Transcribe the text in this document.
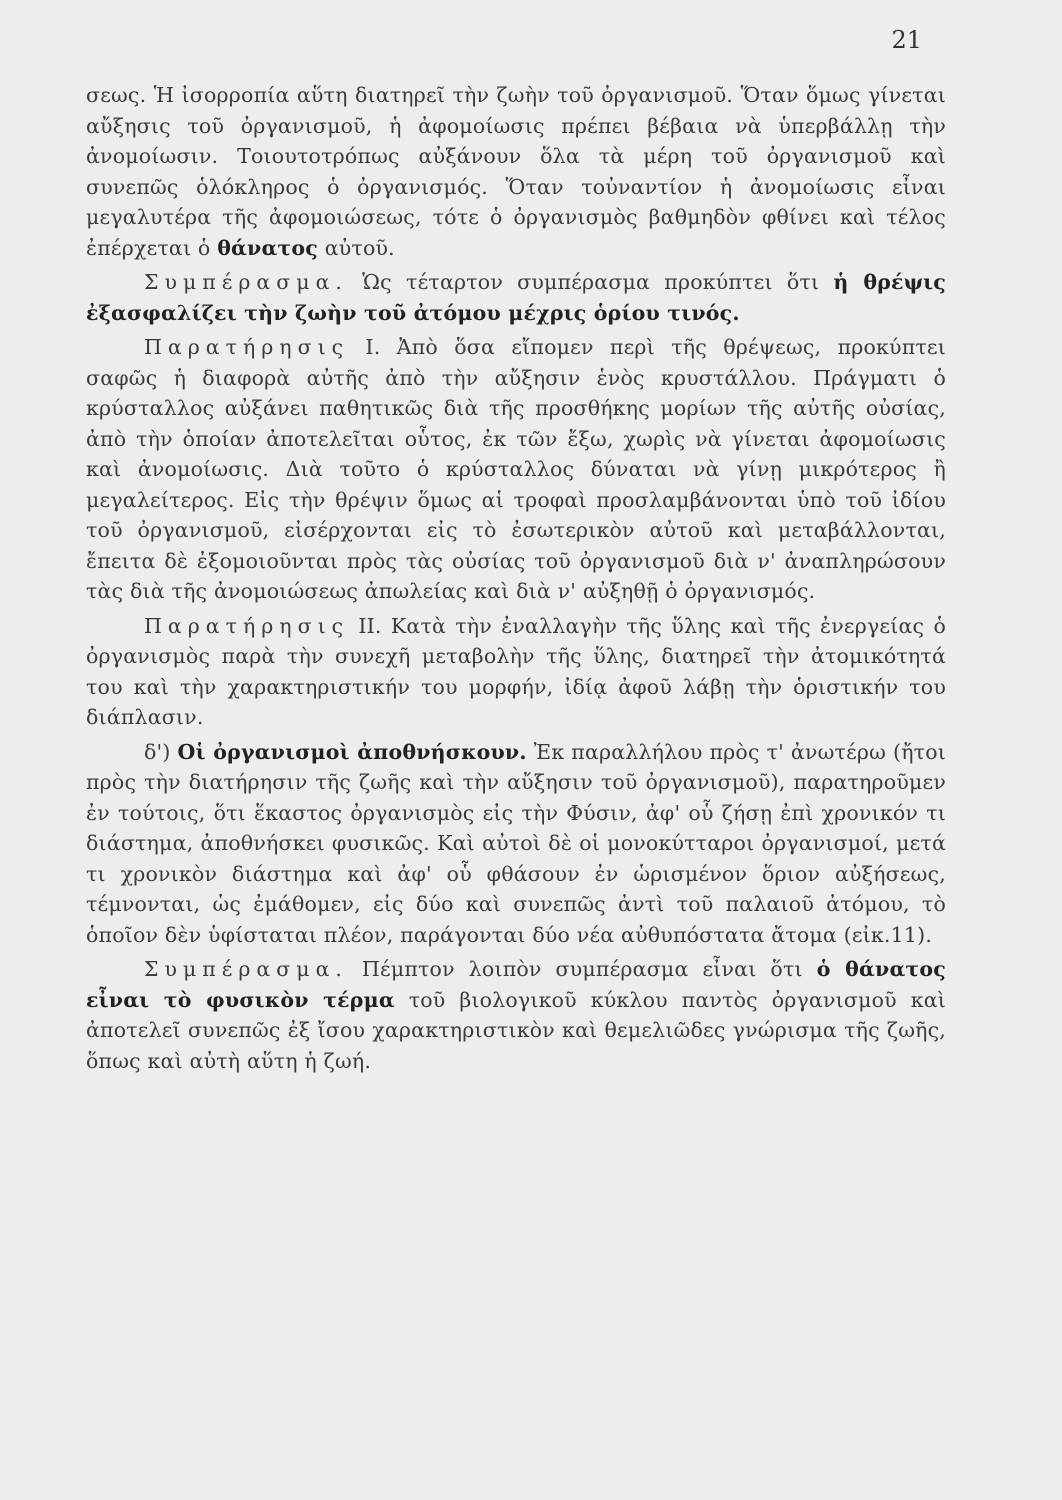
21

σεως. Ἡ ἰσορροπία αὕτη διατηρεῖ τὴν ζωὴν τοῦ ὀργανισμοῦ. Ὅταν ὅμως γίνεται αὔξησις τοῦ ὀργανισμοῦ, ἡ ἀφομοίωσις πρέπει βέβαια νὰ ὑπερβάλλῃ τὴν ἀνομοίωσιν. Τοιουτοτρόπως αὐξάνουν ὅλα τὰ μέρη τοῦ ὀργανισμοῦ καὶ συνεπῶς ὁλόκληρος ὁ ὀργανισμός. Ὅταν τοὐναντίον ἡ ἀνομοίωσις εἶναι μεγαλυτέρα τῆς ἀφομοιώσεως, τότε ὁ ὀργανισμὸς βαθμηδὸν φθίνει καὶ τέλος ἐπέρχεται ὁ θάνατος αὐτοῦ.

Συμπέρασμα. Ὡς τέταρτον συμπέρασμα προκύπτει ὅτι ἡ θρέψις ἐξασφαλίζει τὴν ζωὴν τοῦ ἀτόμου μέχρις ὁρίου τινός.

Παρατήρησις I. Ἀπὸ ὅσα εἴπομεν περὶ τῆς θρέψεως, προκύπτει σαφῶς ἡ διαφορὰ αὐτῆς ἀπὸ τὴν αὔξησιν ἑνὸς κρυστάλλου. Πράγματι ὁ κρύσταλλος αὐξάνει παθητικῶς διὰ τῆς προσθήκης μορίων τῆς αὐτῆς οὐσίας, ἀπὸ τὴν ὁποίαν ἀποτελεῖται οὗτος, ἐκ τῶν ἔξω, χωρὶς νὰ γίνεται ἀφομοίωσις καὶ ἀνομοίωσις. Διὰ τοῦτο ὁ κρύσταλλος δύναται νὰ γίνῃ μικρότερος ἢ μεγαλείτερος. Εἰς τὴν θρέψιν ὅμως αἱ τροφαὶ προσλαμβάνονται ὑπὸ τοῦ ἰδίου τοῦ ὀργανισμοῦ, εἰσέρχονται εἰς τὸ ἐσωτερικὸν αὐτοῦ καὶ μεταβάλλονται, ἔπειτα δὲ ἐξομοιοῦνται πρὸς τὰς οὐσίας τοῦ ὀργανισμοῦ διὰ ν' ἀναπληρώσουν τὰς διὰ τῆς ἀνομοιώσεως ἀπωλείας καὶ διὰ ν' αὐξηθῇ ὁ ὀργανισμός.

Παρατήρησις II. Κατὰ τὴν ἐναλλαγὴν τῆς ὕλης καὶ τῆς ἐνεργείας ὁ ὀργανισμὸς παρὰ τὴν συνεχῆ μεταβολὴν τῆς ὕλης, διατηρεῖ τὴν ἀτομικότητά του καὶ τὴν χαρακτηριστικήν του μορφήν, ἰδίᾳ ἀφοῦ λάβῃ τὴν ὁριστικήν του διάπλασιν.

δ') Οἱ ὀργανισμοὶ ἀποθνήσκουν. Ἐκ παραλλήλου πρὸς τ' ἀνωτέρω (ἤτοι πρὸς τὴν διατήρησιν τῆς ζωῆς καὶ τὴν αὔξησιν τοῦ ὀργανισμοῦ), παρατηροῦμεν ἐν τούτοις, ὅτι ἕκαστος ὀργανισμὸς εἰς τὴν Φύσιν, ἀφ' οὗ ζήσῃ ἐπὶ χρονικόν τι διάστημα, ἀποθνήσκει φυσικῶς. Καὶ αὐτοὶ δὲ οἱ μονοκύτταροι ὀργανισμοί, μετά τι χρονικὸν διάστημα καὶ ἀφ' οὗ φθάσουν ἐν ὡρισμένον ὅριον αὐξήσεως, τέμνονται, ὡς ἐμάθομεν, εἰς δύο καὶ συνεπῶς ἀντὶ τοῦ παλαιοῦ ἀτόμου, τὸ ὁποῖον δὲν ὑφίσταται πλέον, παράγονται δύο νέα αὐθυπόστατα ἄτομα (εἰκ.11).

Συμπέρασμα. Πέμπτον λοιπὸν συμπέρασμα εἶναι ὅτι ὁ θάνατος εἶναι τὸ φυσικὸν τέρμα τοῦ βιολογικοῦ κύκλου παντὸς ὀργανισμοῦ καὶ ἀποτελεῖ συνεπῶς ἐξ ἴσου χαρακτηριστικὸν καὶ θεμελιῶδες γνώρισμα τῆς ζωῆς, ὅπως καὶ αὐτὴ αὕτη ἡ ζωή.
